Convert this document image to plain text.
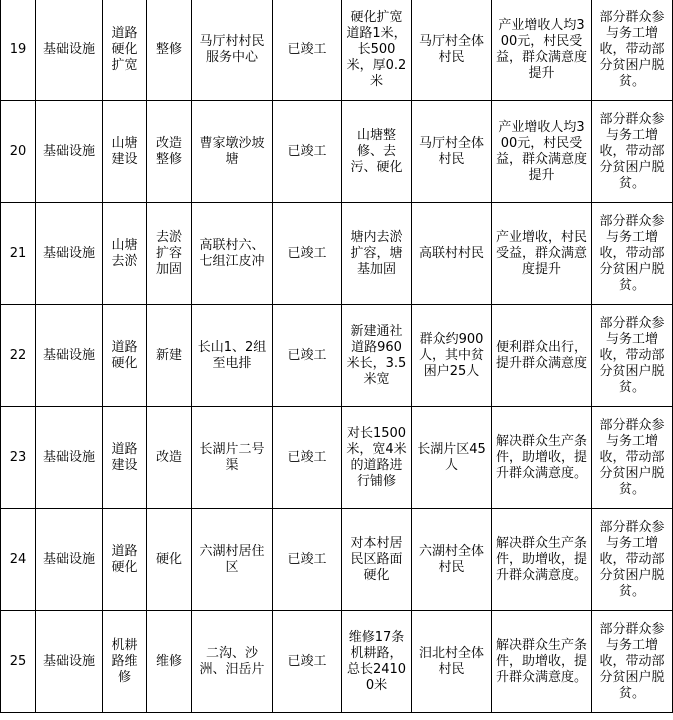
19	基础设施	道路硬化扩宽	整修	马厅村村民服务中心	已竣工	硬化扩宽道路1米，长500米，厚0.2米	马厅村全体村民	产业增收人均300元，村民受益，群众满意度提升	部分群众参与务工增收，带动部分贫困户脱贫。
20	基础设施	山塘建设	改造整修	曹家墩沙坡塘	已竣工	山塘整修、去污、硬化	马厅村全体村民	产业增收人均300元，村民受益，群众满意度提升	部分群众参与务工增收，带动部分贫困户脱贫。
21	基础设施	山塘去淤	去淤扩容加固	高联村六、七组江皮冲	已竣工	塘内去淤扩容，塘基加固	高联村村民	产业增收，村民受益，群众满意度提升	部分群众参与务工增收，带动部分贫困户脱贫。
22	基础设施	道路硬化	新建	长山1、2组至电排	已竣工	新建通社道路960米长，3.5米宽	群众约900人，其中贫困户25人	便利群众出行，提升群众满意度	部分群众参与务工增收，带动部分贫困户脱贫。
23	基础设施	道路建设	改造	长湖片二号渠	已竣工	对长1500米，宽4米的道路进行铺修	长湖片区45人	解决群众生产条件，助增收，提升群众满意度。	部分群众参与务工增收，带动部分贫困户脱贫。
24	基础设施	道路硬化	硬化	六湖村居住区	已竣工	对本村居民区路面硬化	六湖村全体村民	解决群众生产条件，助增收，提升群众满意度。	部分群众参与务工增收，带动部分贫困户脱贫。
25	基础设施	机耕路维修	维修	二沟、沙洲、汨岳片	已竣工	维修17条机耕路，总长24100米	汨北村全体村民	解决群众生产条件，助增收，提升群众满意度。	部分群众参与务工增收，带动部分贫困户脱贫。
